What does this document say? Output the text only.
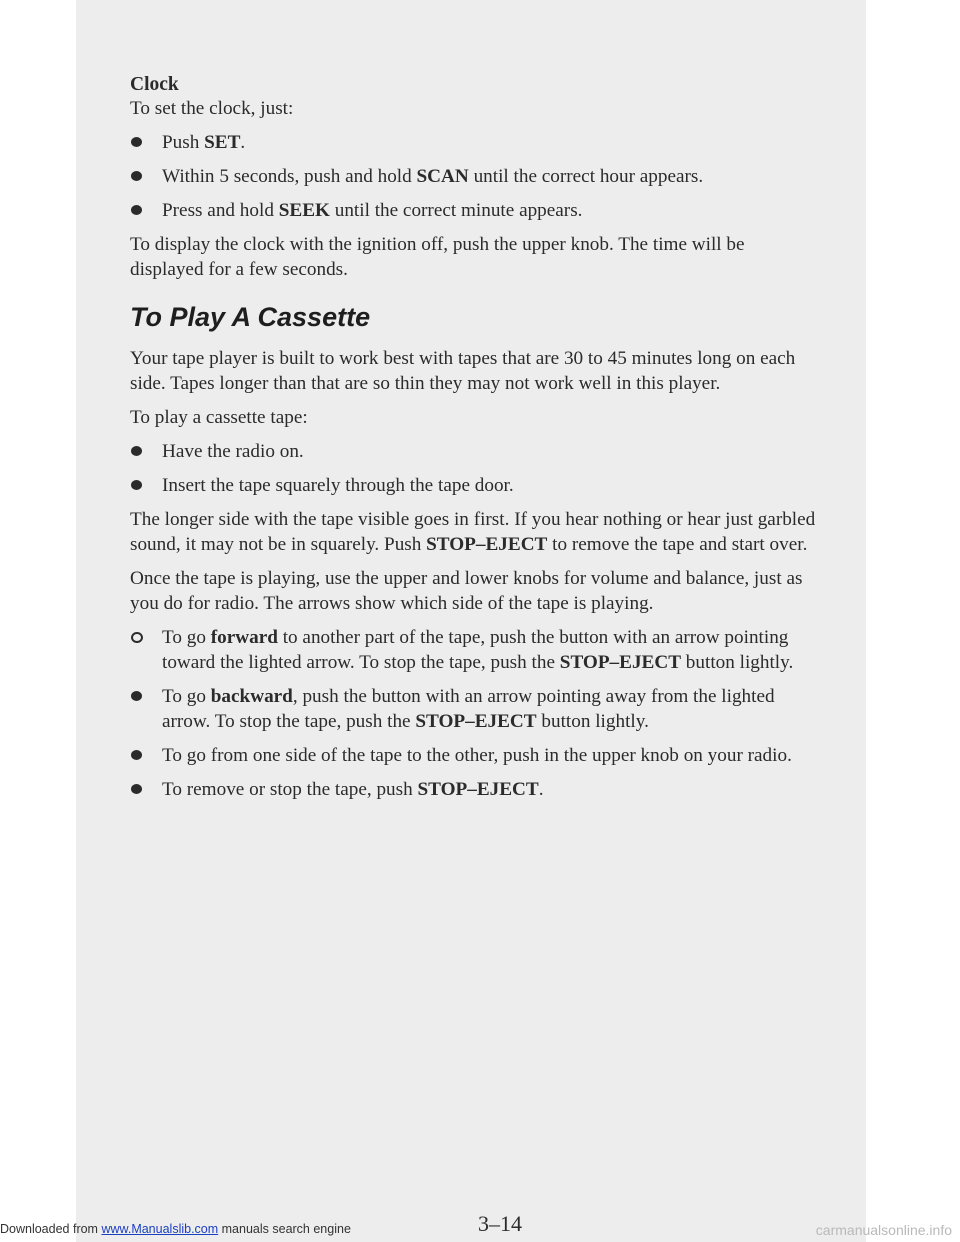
Clock

To set the clock, just:

Push SET.
Within 5 seconds, push and hold SCAN until the correct hour appears.
Press and hold SEEK until the correct minute appears.

To display the clock with the ignition off, push the upper knob. The time will be displayed for a few seconds.

To Play A Cassette

Your tape player is built to work best with tapes that are 30 to 45 minutes long on each side. Tapes longer than that are so thin they may not work well in this player.

To play a cassette tape:

Have the radio on.
Insert the tape squarely through the tape door.

The longer side with the tape visible goes in first. If you hear nothing or hear just garbled sound, it may not be in squarely. Push STOP–EJECT to remove the tape and start over.

Once the tape is playing, use the upper and lower knobs for volume and balance, just as you do for radio. The arrows show which side of the tape is playing.

To go forward to another part of the tape, push the button with an arrow pointing toward the lighted arrow. To stop the tape, push the STOP–EJECT button lightly.
To go backward, push the button with an arrow pointing away from the lighted arrow. To stop the tape, push the STOP–EJECT button lightly.
To go from one side of the tape to the other, push in the upper knob on your radio.
To remove or stop the tape, push STOP–EJECT.
3–14
Downloaded from www.Manualslib.com manuals search engine	carmanualsonline.info
